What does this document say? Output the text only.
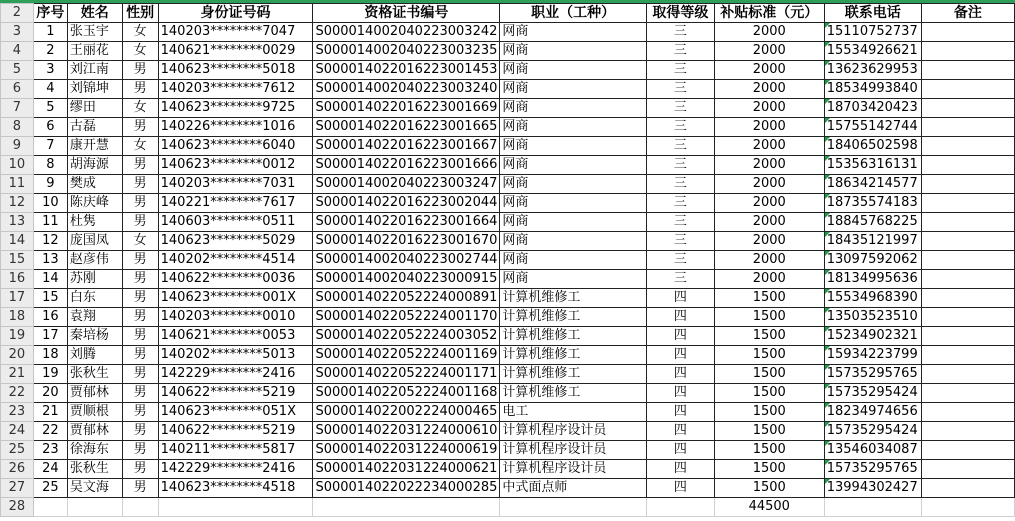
2	序号	姓名	性别	身份证号码	资格证书编号	职业（工种）	取得等级	补贴标准（元）	联系电话	备注
3	1	张玉宇	女	140203********7047	S000014002040223003242	网商	三	2000	15110752737	
4	2	王丽花	女	140621********0029	S000014002040223003235	网商	三	2000	15534926621	
5	3	刘江南	男	140623********5018	S000014022016223001453	网商	三	2000	13623629953	
6	4	刘锦坤	男	140203********7612	S000014002040223003240	网商	三	2000	18534993840	
7	5	缪田	女	140623********9725	S000014022016223001669	网商	三	2000	18703420423	
8	6	古磊	男	140226********1016	S000014022016223001665	网商	三	2000	15755142744	
9	7	康开慧	女	140623********6040	S000014022016223001667	网商	三	2000	18406502598	
10	8	胡海源	男	140623********0012	S000014022016223001666	网商	三	2000	15356316131	
11	9	樊成	男	140203********7031	S000014002040223003247	网商	三	2000	18634214577	
12	10	陈庆峰	男	140221********7617	S000014022016223002044	网商	三	2000	18735574183	
13	11	杜隽	男	140603********0511	S000014022016223001664	网商	三	2000	18845768225	
14	12	庞国凤	女	140623********5029	S000014022016223001670	网商	三	2000	18435121997	
15	13	赵彦伟	男	140202********4514	S000014002040223002744	网商	三	2000	13097592062	
16	14	苏刚	男	140622********0036	S000014002040223000915	网商	三	2000	18134995636	
17	15	白东	男	140623********001X	S000014022052224000891	计算机维修工	四	1500	15534968390	
18	16	袁翔	男	140203********0010	S000014022052224001170	计算机维修工	四	1500	13503523510	
19	17	秦培杨	男	140621********0053	S000014022052224003052	计算机维修工	四	1500	15234902321	
20	18	刘腾	男	140202********5013	S000014022052224001169	计算机维修工	四	1500	15934223799	
21	19	张秋生	男	142229********2416	S000014022052224001171	计算机维修工	四	1500	15735295765	
22	20	贾郁林	男	140622********5219	S000014022052224001168	计算机维修工	四	1500	15735295424	
23	21	贾顺根	男	140623********051X	S000014022002224000465	电工	四	1500	18234974656	
24	22	贾郁林	男	140622********5219	S000014022031224000610	计算机程序设计员	四	1500	15735295424	
25	23	徐海东	男	140211********5817	S000014022031224000619	计算机程序设计员	四	1500	13546034087	
26	24	张秋生	男	142229********2416	S000014022031224000621	计算机程序设计员	四	1500	15735295765	
27	25	吴文海	男	140623********4518	S000014022022234000285	中式面点师	四	1500	13994302427	
28								44500		
